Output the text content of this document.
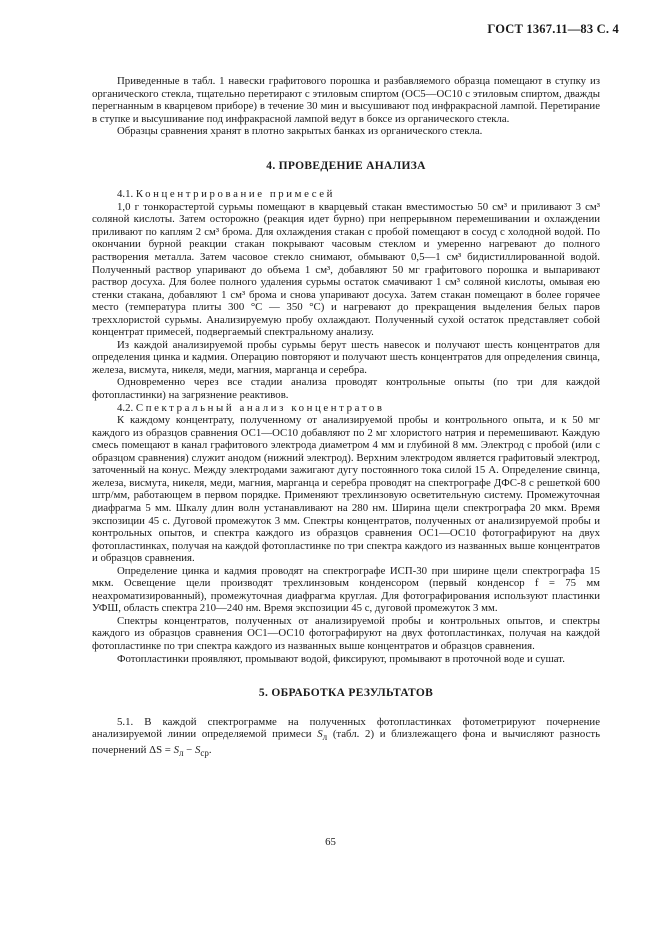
ГОСТ 1367.11—83 С. 4

Приведенные в табл. 1 навески графитового порошка и разбавляемого образца помещают в ступку из органического стекла, тщательно перетирают с этиловым спиртом (ОС5—ОС10 с этиловым спиртом, дважды перегнанным в кварцевом приборе) в течение 30 мин и высушивают под инфракрасной лампой. Перетирание в ступке и высушивание под инфракрасной лампой ведут в боксе из органического стекла.

Образцы сравнения хранят в плотно закрытых банках из органического стекла.

4. ПРОВЕДЕНИЕ АНАЛИЗА

4.1. Концентрирование примесей

1,0 г тонкорастертой сурьмы помещают в кварцевый стакан вместимостью 50 см³ и приливают 3 см³ соляной кислоты. Затем осторожно (реакция идет бурно) при непрерывном перемешивании и охлаждении приливают по каплям 2 см³ брома. Для охлаждения стакан с пробой помещают в сосуд с холодной водой. По окончании бурной реакции стакан покрывают часовым стеклом и умеренно нагревают до полного растворения металла. Затем часовое стекло снимают, обмывают 0,5—1 см³ бидистиллированной водой. Полученный раствор упаривают до объема 1 см³, добавляют 50 мг графитового порошка и выпаривают раствор досуха. Для более полного удаления сурьмы остаток смачивают 1 см³ соляной кислоты, омывая ею стенки стакана, добавляют 1 см³ брома и снова упаривают досуха. Затем стакан помещают в более горячее место (температура плиты 300 °С — 350 °С) и нагревают до прекращения выделения белых паров треххлористой сурьмы. Анализируемую пробу охлаждают. Полученный сухой остаток представляет собой концентрат примесей, подвергаемый спектральному анализу.

Из каждой анализируемой пробы сурьмы берут шесть навесок и получают шесть концентратов для определения цинка и кадмия. Операцию повторяют и получают шесть концентратов для определения свинца, железа, висмута, никеля, меди, магния, марганца и серебра.

Одновременно через все стадии анализа проводят контрольные опыты (по три для каждой фотопластинки) на загрязнение реактивов.

4.2. Спектральный анализ концентратов

К каждому концентрату, полученному от анализируемой пробы и контрольного опыта, и к 50 мг каждого из образцов сравнения ОС1—ОС10 добавляют по 2 мг хлористого натрия и перемешивают. Каждую смесь помещают в канал графитового электрода диаметром 4 мм и глубиной 8 мм. Электрод с пробой (или с образцом сравнения) служит анодом (нижний электрод). Верхним электродом является графитовый электрод, заточенный на конус. Между электродами зажигают дугу постоянного тока силой 15 А. Определение свинца, железа, висмута, никеля, меди, магния, марганца и серебра проводят на спектрографе ДФС-8 с решеткой 600 штр/мм, работающем в первом порядке. Применяют трехлинзовую осветительную систему. Промежуточная диафрагма 5 мм. Шкалу длин волн устанавливают на 280 нм. Ширина щели спектрографа 20 мкм. Время экспозиции 45 с. Дуговой промежуток 3 мм. Спектры концентратов, полученных от анализируемой пробы и контрольных опытов, и спектра каждого из образцов сравнения ОС1—ОС10 фотографируют на двух фотопластинках, получая на каждой фотопластинке по три спектра каждого из названных выше концентратов и образцов сравнения.

Определение цинка и кадмия проводят на спектрографе ИСП-30 при ширине щели спектрографа 15 мкм. Освещение щели производят трехлинзовым конденсором (первый конденсор f = 75 мм неахроматизированный), промежуточная диафрагма круглая. Для фотографирования используют пластинки УФШ, область спектра 210—240 нм. Время экспозиции 45 с, дуговой промежуток 3 мм.

Спектры концентратов, полученных от анализируемой пробы и контрольных опытов, и спектры каждого из образцов сравнения ОС1—ОС10 фотографируют на двух фотопластинках, получая на каждой фотопластинке по три спектра каждого из названных выше концентратов и образцов сравнения.

Фотопластинки проявляют, промывают водой, фиксируют, промывают в проточной воде и сушат.

5. ОБРАБОТКА РЕЗУЛЬТАТОВ

5.1. В каждой спектрограмме на полученных фотопластинках фотометрируют почернение анализируемой линии определяемой примеси $S_л$ (табл. 2) и близлежащего фона и вычисляют разность почернений $\Delta S = S_л - S_{ср}$.

65
